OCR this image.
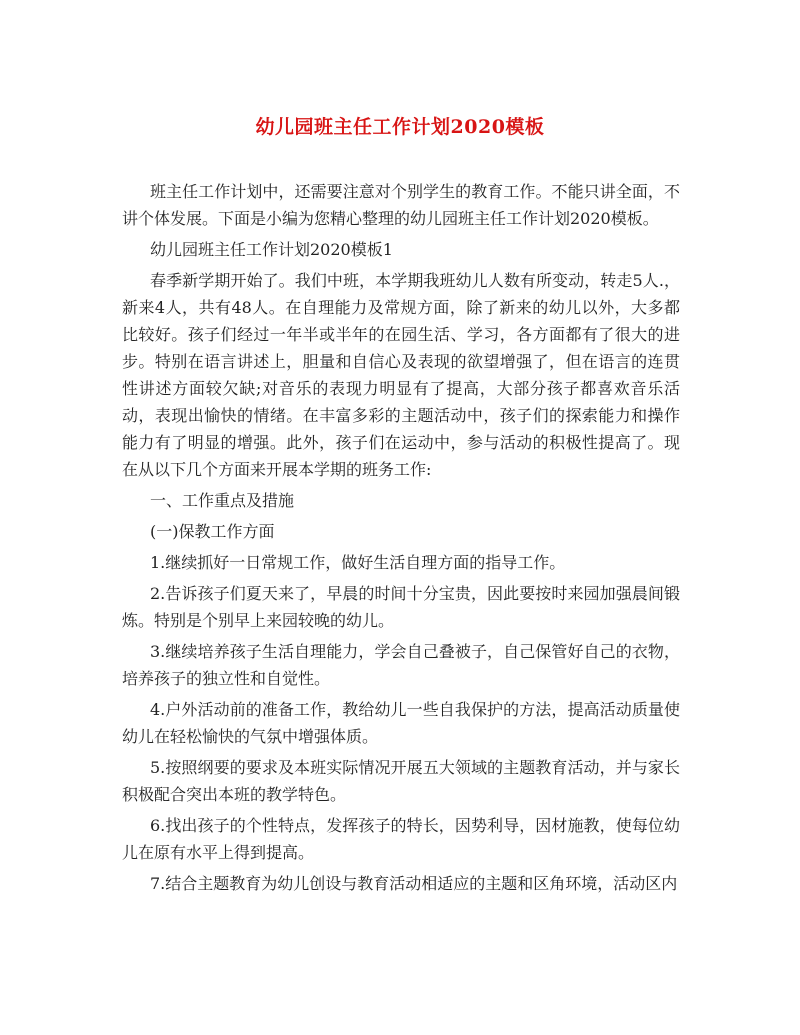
幼儿园班主任工作计划2020模板

班主任工作计划中，还需要注意对个别学生的教育工作。不能只讲全面，不讲个体发展。下面是小编为您精心整理的幼儿园班主任工作计划2020模板。

幼儿园班主任工作计划2020模板1

春季新学期开始了。我们中班，本学期我班幼儿人数有所变动，转走5人.，新来4人，共有48人。在自理能力及常规方面，除了新来的幼儿以外，大多都比较好。孩子们经过一年半或半年的在园生活、学习，各方面都有了很大的进步。特别在语言讲述上，胆量和自信心及表现的欲望增强了，但在语言的连贯性讲述方面较欠缺;对音乐的表现力明显有了提高，大部分孩子都喜欢音乐活动，表现出愉快的情绪。在丰富多彩的主题活动中，孩子们的探索能力和操作能力有了明显的增强。此外，孩子们在运动中，参与活动的积极性提高了。现在从以下几个方面来开展本学期的班务工作:

一、工作重点及措施

(一)保教工作方面

1.继续抓好一日常规工作，做好生活自理方面的指导工作。

2.告诉孩子们夏天来了，早晨的时间十分宝贵，因此要按时来园加强晨间锻炼。特别是个别早上来园较晚的幼儿。

3.继续培养孩子生活自理能力，学会自己叠被子，自己保管好自己的衣物，培养孩子的独立性和自觉性。

4.户外活动前的准备工作，教给幼儿一些自我保护的方法，提高活动质量使幼儿在轻松愉快的气氛中增强体质。

5.按照纲要的要求及本班实际情况开展五大领域的主题教育活动，并与家长积极配合突出本班的教学特色。

6.找出孩子的个性特点，发挥孩子的特长，因势利导，因材施教，使每位幼儿在原有水平上得到提高。

7.结合主题教育为幼儿创设与教育活动相适应的主题和区角环境，活动区内
